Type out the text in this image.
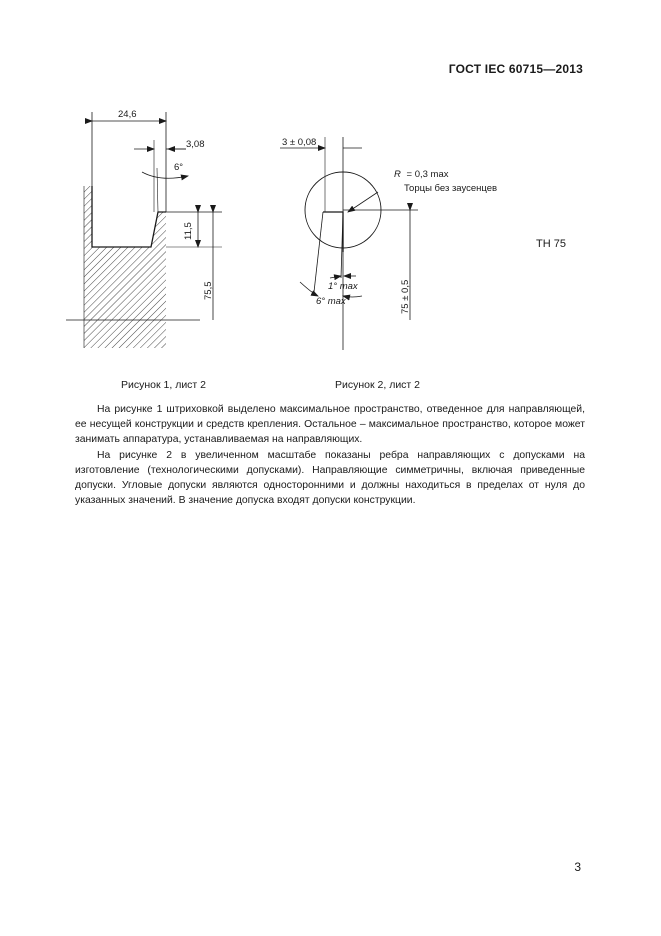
ГОСТ IEC 60715—2013
24,6
3,08
6°
11,5
75,5
3 ± 0,08
R = 0,3 max
Торцы без заусенцев
1° max
6° max	75 ± 0,5
TH 75
Рисунок 1, лист 2	Рисунок 2, лист 2

На рисунке 1 штриховкой выделено максимальное пространство, отведенное для направляющей, ее несущей конструкции и средств крепления. Остальное – максимальное пространство, которое может занимать аппаратура, устанавливаемая на направляющих.

На рисунке 2 в увеличенном масштабе показаны ребра направляющих с допусками на изготовление (технологическими допусками). Направляющие симметричны, включая приведенные допуски. Угловые допуски являются односторонними и должны находиться в пределах от нуля до указанных значений. В значение допуска входят допуски конструкции.

3
